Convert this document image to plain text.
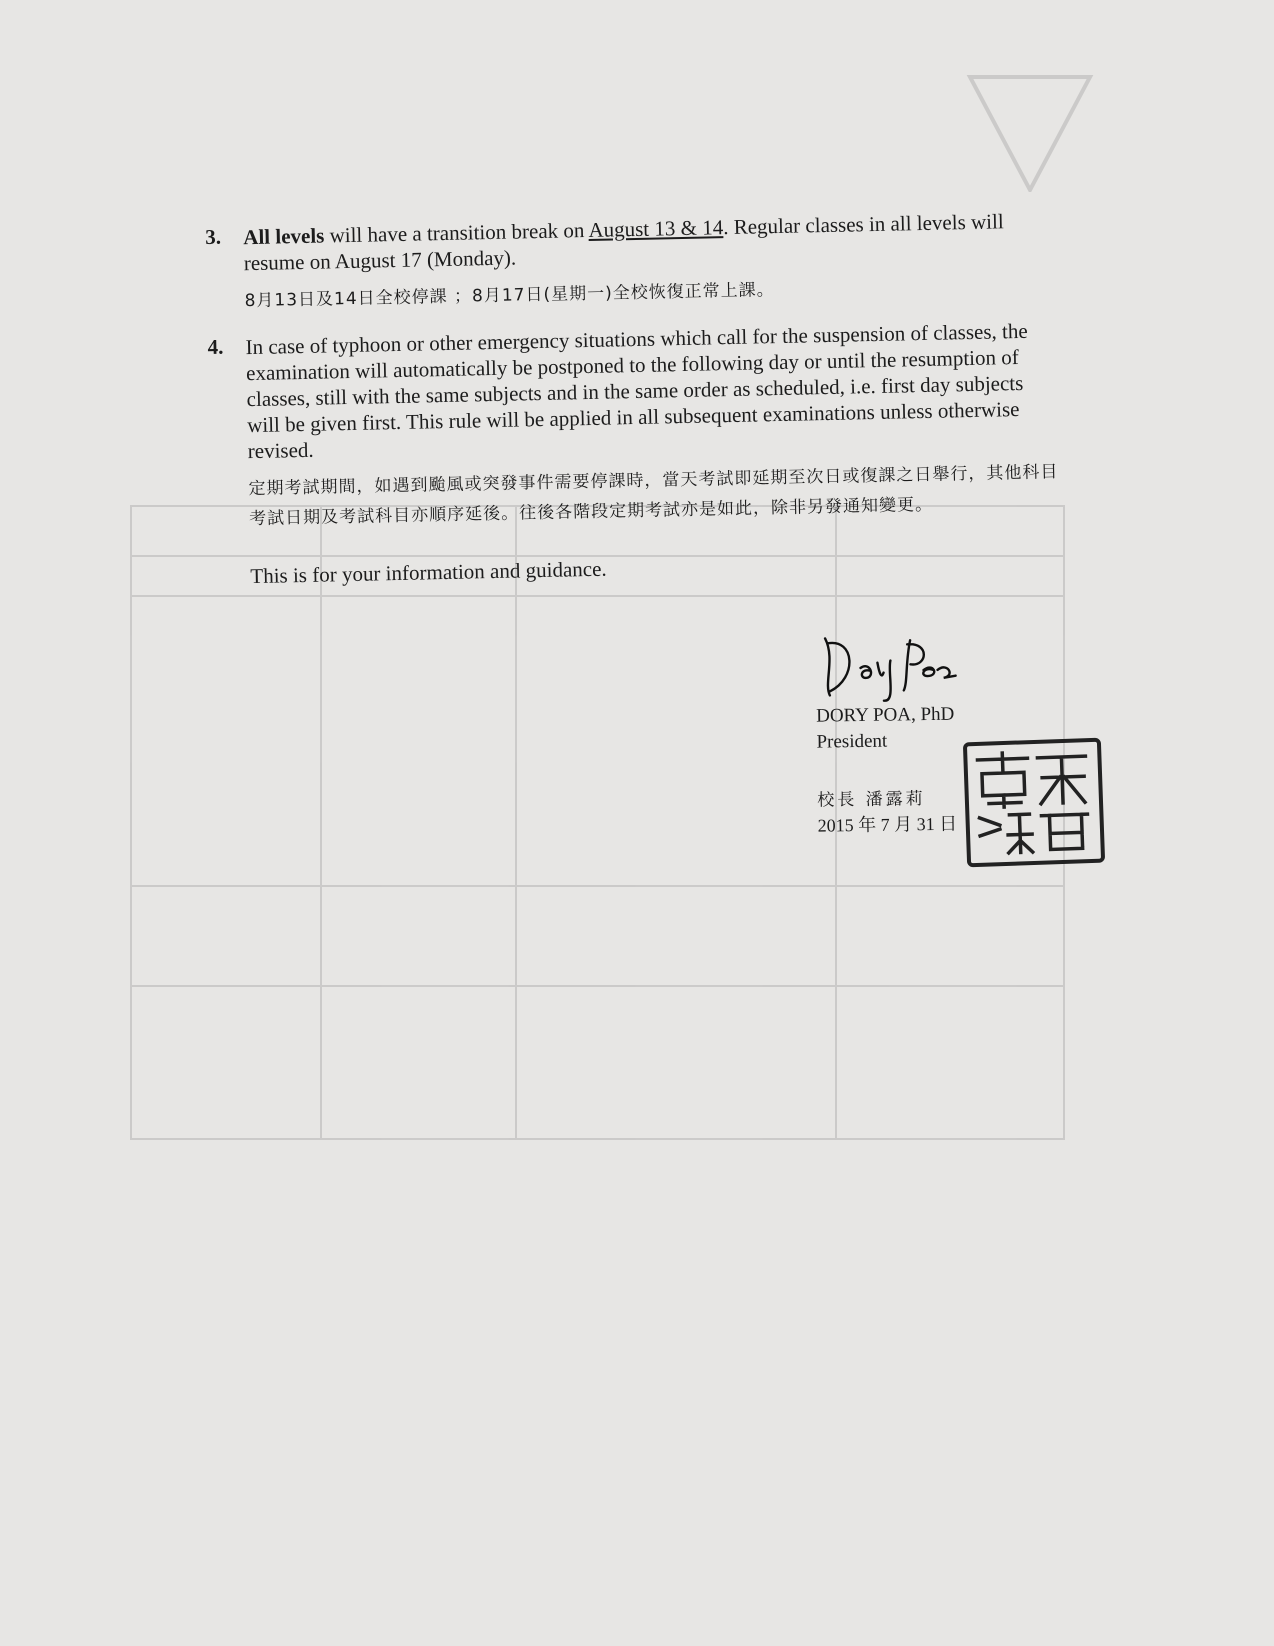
3. All levels will have a transition break on August 13 & 14. Regular classes in all levels will resume on August 17 (Monday).
8月13日及14日全校停課 ；8月17日(星期一)全校恢復正常上課。
4. In case of typhoon or other emergency situations which call for the suspension of classes, the examination will automatically be postponed to the following day or until the resumption of classes, still with the same subjects and in the same order as scheduled, i.e. first day subjects will be given first. This rule will be applied in all subsequent examinations unless otherwise revised.
定期考試期間，如遇到颱風或突發事件需要停課時，當天考試即延期至次日或復課之日舉行，其他科目考試日期及考試科目亦順序延後。往後各階段定期考試亦是如此，除非另發通知變更。
This is for your information and guidance.
DORY POA, PhD
President
校長 潘露莉
2015 年 7 月 31 日
